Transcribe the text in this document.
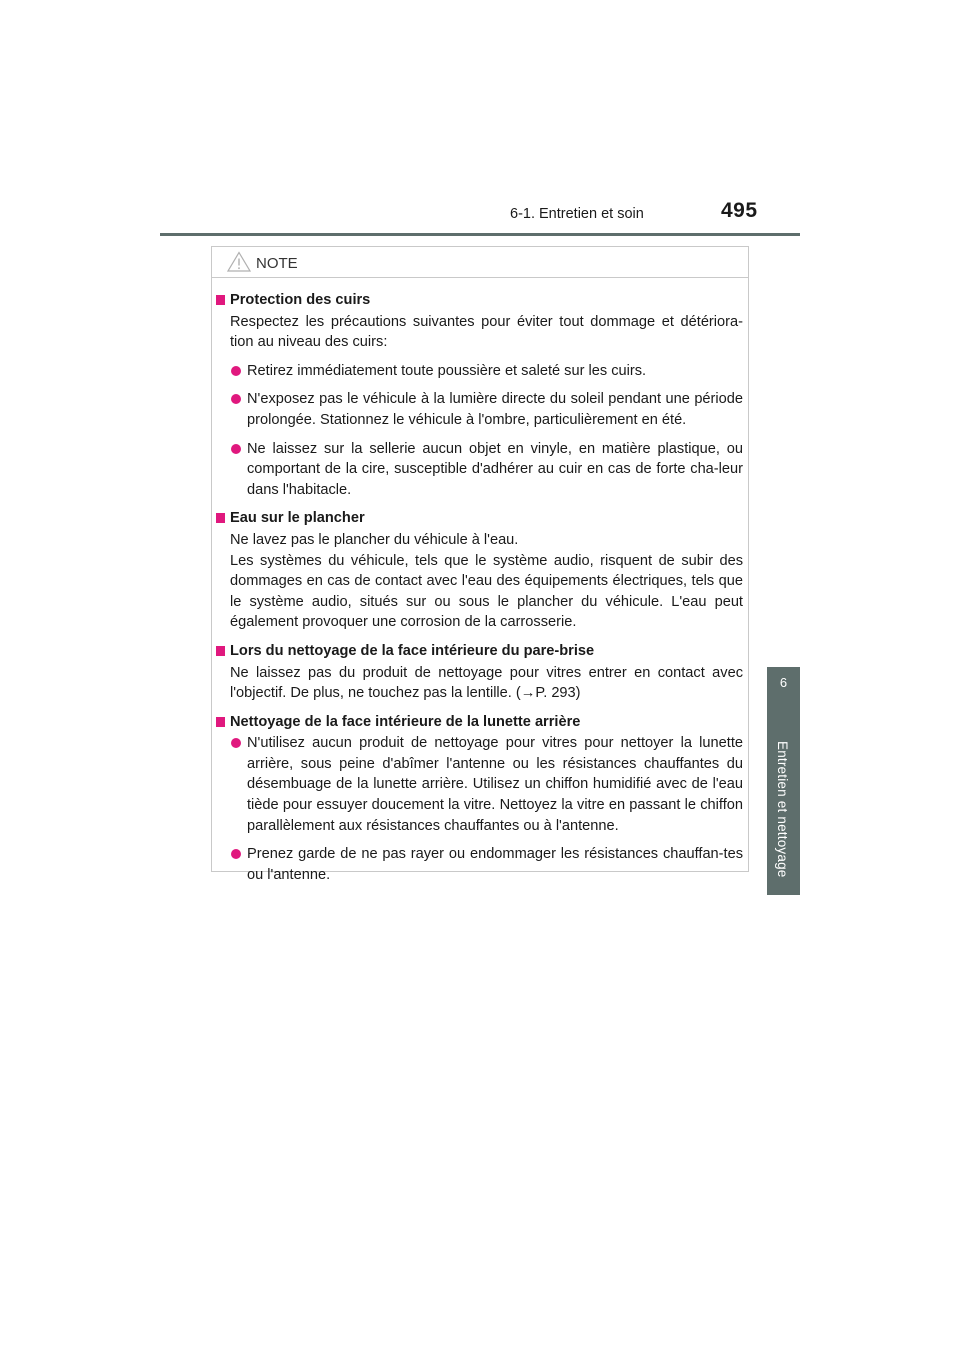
6-1. Entretien et soin	495
6
Entretien et nettoyage
NOTE
Protection des cuirs
Respectez les précautions suivantes pour éviter tout dommage et détériora-tion au niveau des cuirs:
Retirez immédiatement toute poussière et saleté sur les cuirs.
N'exposez pas le véhicule à la lumière directe du soleil pendant une période prolongée. Stationnez le véhicule à l'ombre, particulièrement en été.
Ne laissez sur la sellerie aucun objet en vinyle, en matière plastique, ou comportant de la cire, susceptible d'adhérer au cuir en cas de forte cha-leur dans l'habitacle.
Eau sur le plancher
Ne lavez pas le plancher du véhicule à l'eau.
Les systèmes du véhicule, tels que le système audio, risquent de subir des dommages en cas de contact avec l'eau des équipements électriques, tels que le système audio, situés sur ou sous le plancher du véhicule. L'eau peut également provoquer une corrosion de la carrosserie.
Lors du nettoyage de la face intérieure du pare-brise
Ne laissez pas du produit de nettoyage pour vitres entrer en contact avec l'objectif. De plus, ne touchez pas la lentille. (→P. 293)
Nettoyage de la face intérieure de la lunette arrière
N'utilisez aucun produit de nettoyage pour vitres pour nettoyer la lunette arrière, sous peine d'abîmer l'antenne ou les résistances chauffantes du désembuage de la lunette arrière. Utilisez un chiffon humidifié avec de l'eau tiède pour essuyer doucement la vitre. Nettoyez la vitre en passant le chiffon parallèlement aux résistances chauffantes ou à l'antenne.
Prenez garde de ne pas rayer ou endommager les résistances chauffan-tes ou l'antenne.
